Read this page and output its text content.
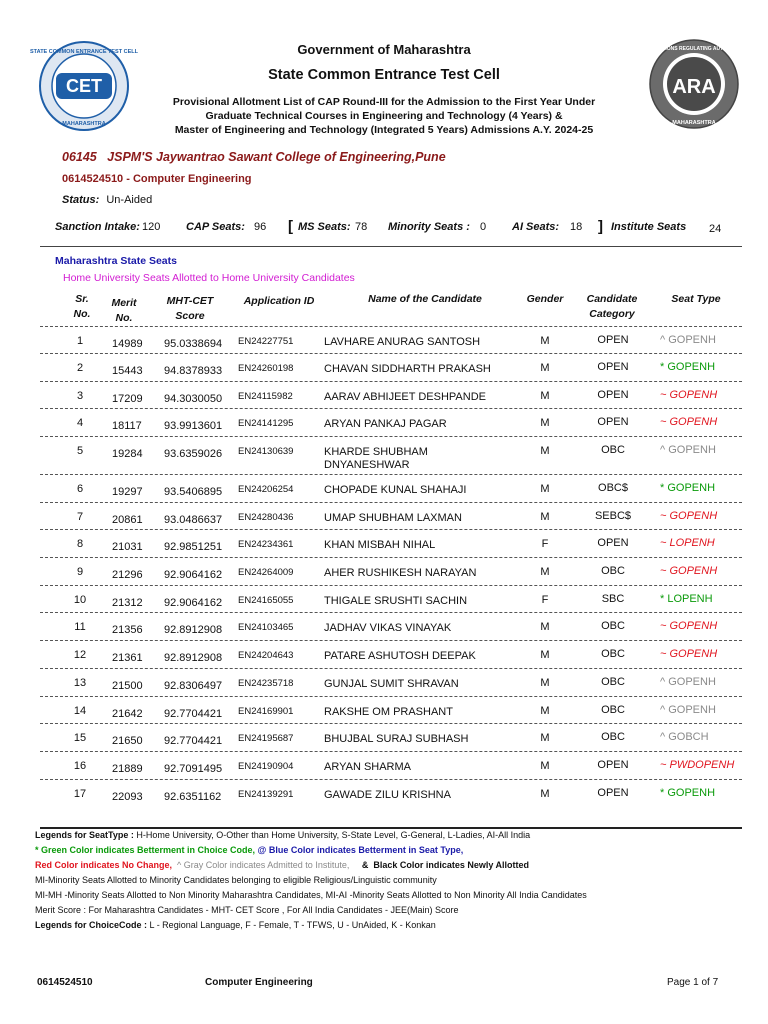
CET
STATE COMMON ENTRANCE TEST CELL
MAHARASHTRA
ARA
ADMISSIONS REGULATING AUTHORITY
MAHARASHTRA
Government of Maharashtra
State Common Entrance Test Cell
Provisional Allotment List of CAP Round-III for the Admission to the First Year Under
Graduate Technical Courses in Engineering and Technology (4 Years) &
Master of Engineering and Technology (Integrated 5 Years) Admissions A.Y. 2024-25
06145   JSPM'S Jaywantrao Sawant College of Engineering,Pune
0614524510 - Computer Engineering
Status: Un-Aided
Sanction Intake: 120 CAP Seats: 96 [ MS Seats: 78 Minority Seats : 0 AI Seats: 18 ] Institute Seats 24
Maharashtra State Seats
Home University Seats Allotted to Home University Candidates
Sr.
No.
Merit
No.
MHT-CET
Score
Application ID	Name of the Candidate	Gender	Candidate
Category
Seat Type
1	14989 95.0338694 EN24227751	LAVHARE ANURAG SANTOSH	M	OPEN	^ GOPENH
2	15443 94.8378933 EN24260198	CHAVAN SIDDHARTH PRAKASH	M	OPEN	* GOPENH
3	17209 94.3030050 EN24115982	AARAV ABHIJEET DESHPANDE	M	OPEN	~ GOPENH
4	18117 93.9913601 EN24141295	ARYAN PANKAJ PAGAR	M	OPEN	~ GOPENH
5	19284 93.6359026 EN24130639	KHARDE SHUBHAM DNYANESHWAR
M	OBC	^ GOPENH
6	19297 93.5406895 EN24206254	CHOPADE KUNAL SHAHAJI	M	OBC$	* GOPENH
7	20861 93.0486637 EN24280436	UMAP SHUBHAM LAXMAN	M	SEBC$	~ GOPENH
8	21031 92.9851251 EN24234361	KHAN MISBAH NIHAL	F	OPEN	~ LOPENH
9	21296 92.9064162 EN24264009	AHER RUSHIKESH NARAYAN	M	OBC	~ GOPENH
10	21312 92.9064162 EN24165055	THIGALE SRUSHTI SACHIN	F	SBC	* LOPENH
11	21356 92.8912908 EN24103465	JADHAV VIKAS VINAYAK	M	OBC	~ GOPENH
12	21361 92.8912908 EN24204643	PATARE ASHUTOSH DEEPAK	M	OBC	~ GOPENH
13	21500 92.8306497 EN24235718	GUNJAL SUMIT SHRAVAN	M	OBC	^ GOPENH
14	21642 92.7704421 EN24169901	RAKSHE OM PRASHANT	M	OBC	^ GOPENH
15	21650 92.7704421 EN24195687	BHUJBAL SURAJ SUBHASH	M	OBC	^ GOBCH
16	21889 92.7091495 EN24190904	ARYAN SHARMA	M	OPEN	~ PWDOPENH
17	22093 92.6351162 EN24139291	GAWADE ZILU KRISHNA	M	OPEN	* GOPENH
Legends for SeatType : H-Home University, O-Other than Home University, S-State Level, G-General, L-Ladies, AI-All India
* Green Color indicates Betterment in Choice Code, @ Blue Color indicates Betterment in Seat Type,
Red Color indicates No Change,  ^ Gray Color indicates Admitted to Institute,     &  Black Color indicates Newly Allotted
MI-Minority Seats Allotted to Minority Candidates belonging to eligible Religious/Linguistic community
MI-MH -Minority Seats Allotted to Non Minority Maharashtra Candidates, MI-AI -Minority Seats Allotted to Non Minority All India Candidates
Merit Score : For Maharashtra Candidates - MHT- CET Score , For All India Candidates - JEE(Main) Score
Legends for ChoiceCode : L - Regional Language, F - Female, T - TFWS, U - UnAided, K - Konkan
0614524510	Computer Engineering	Page 1 of 7
